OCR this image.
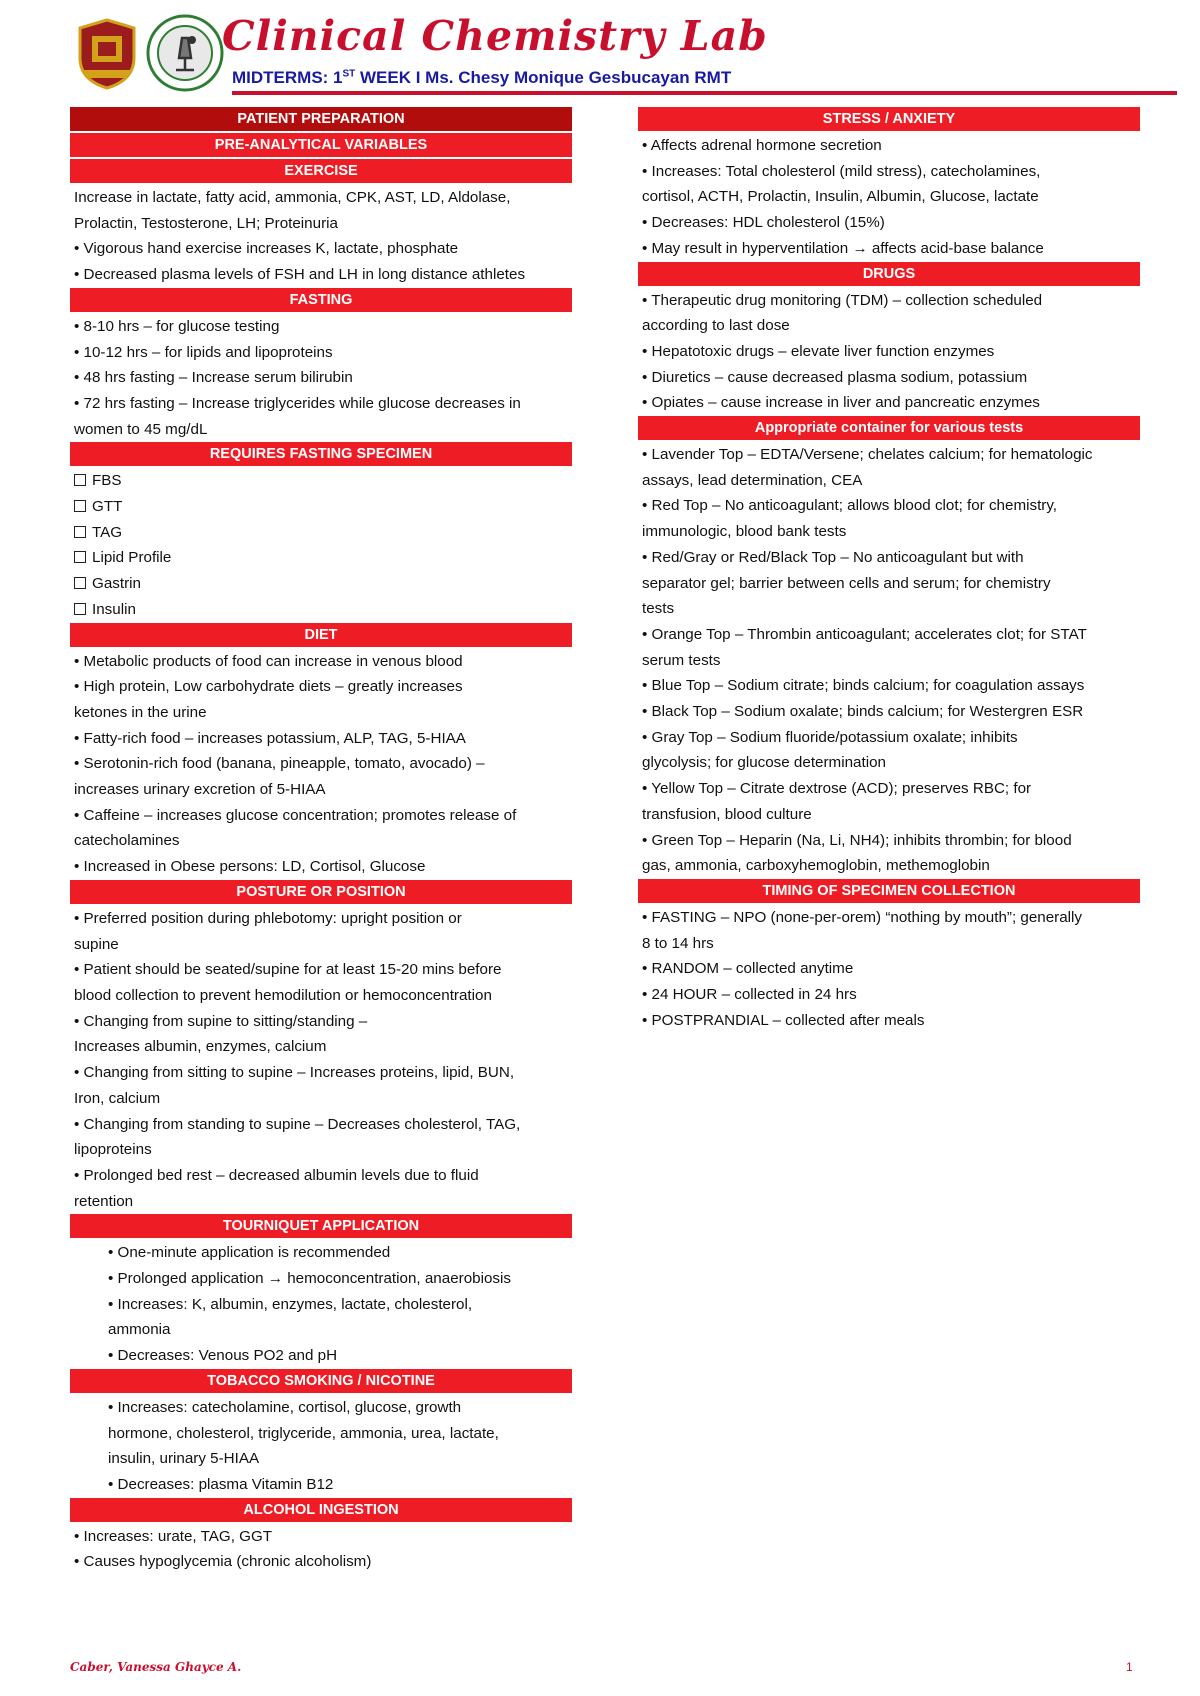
Clinical Chemistry Lab
MIDTERMS: 1ST WEEK I Ms. Chesy Monique Gesbucayan RMT
PATIENT PREPARATION
PRE-ANALYTICAL VARIABLES
EXERCISE
Increase in lactate, fatty acid, ammonia, CPK, AST, LD, Aldolase,
Prolactin, Testosterone, LH; Proteinuria
• Vigorous hand exercise increases K, lactate, phosphate
• Decreased plasma levels of FSH and LH in long distance athletes
FASTING
• 8-10 hrs – for glucose testing
• 10-12 hrs – for lipids and lipoproteins
• 48 hrs fasting – Increase serum bilirubin
• 72 hrs fasting – Increase triglycerides while glucose decreases in
women to 45 mg/dL
REQUIRES FASTING SPECIMEN
FBS
GTT
TAG
Lipid Profile
Gastrin
Insulin
DIET
• Metabolic products of food can increase in venous blood
• High protein, Low carbohydrate diets – greatly increases
ketones in the urine
• Fatty-rich food – increases potassium, ALP, TAG, 5-HIAA
• Serotonin-rich food (banana, pineapple, tomato, avocado) –
increases urinary excretion of 5-HIAA
• Caffeine – increases glucose concentration; promotes release of
catecholamines
• Increased in Obese persons: LD, Cortisol, Glucose
POSTURE OR POSITION
• Preferred position during phlebotomy: upright position or
supine
• Patient should be seated/supine for at least 15-20 mins before
blood collection to prevent hemodilution or hemoconcentration
• Changing from supine to sitting/standing –
Increases albumin, enzymes, calcium
• Changing from sitting to supine – Increases proteins, lipid, BUN,
Iron, calcium
• Changing from standing to supine – Decreases cholesterol, TAG,
lipoproteins
• Prolonged bed rest – decreased albumin levels due to fluid
retention
TOURNIQUET APPLICATION
• One-minute application is recommended
• Prolonged application → hemoconcentration, anaerobiosis
• Increases: K, albumin, enzymes, lactate, cholesterol,
ammonia
• Decreases: Venous PO2 and pH
TOBACCO SMOKING / NICOTINE
• Increases: catecholamine, cortisol, glucose, growth
hormone, cholesterol, triglyceride, ammonia, urea, lactate,
insulin, urinary 5-HIAA
• Decreases: plasma Vitamin B12
ALCOHOL INGESTION
• Increases: urate, TAG, GGT
• Causes hypoglycemia (chronic alcoholism)
STRESS / ANXIETY
• Affects adrenal hormone secretion
• Increases: Total cholesterol (mild stress), catecholamines,
cortisol, ACTH, Prolactin, Insulin, Albumin, Glucose, lactate
• Decreases: HDL cholesterol (15%)
• May result in hyperventilation → affects acid-base balance
DRUGS
• Therapeutic drug monitoring (TDM) – collection scheduled
according to last dose
• Hepatotoxic drugs – elevate liver function enzymes
• Diuretics – cause decreased plasma sodium, potassium
• Opiates – cause increase in liver and pancreatic enzymes
Appropriate container for various tests
• Lavender Top – EDTA/Versene; chelates calcium; for hematologic
assays, lead determination, CEA
• Red Top – No anticoagulant; allows blood clot; for chemistry,
immunologic, blood bank tests
• Red/Gray or Red/Black Top – No anticoagulant but with
separator gel; barrier between cells and serum; for chemistry
tests
• Orange Top – Thrombin anticoagulant; accelerates clot; for STAT
serum tests
• Blue Top – Sodium citrate; binds calcium; for coagulation assays
• Black Top – Sodium oxalate; binds calcium; for Westergren ESR
• Gray Top – Sodium fluoride/potassium oxalate; inhibits
glycolysis; for glucose determination
• Yellow Top – Citrate dextrose (ACD); preserves RBC; for
transfusion, blood culture
• Green Top – Heparin (Na, Li, NH4); inhibits thrombin; for blood
gas, ammonia, carboxyhemoglobin, methemoglobin
TIMING OF SPECIMEN COLLECTION
• FASTING – NPO (none-per-orem) “nothing by mouth”; generally
8 to 14 hrs
• RANDOM – collected anytime
• 24 HOUR – collected in 24 hrs
• POSTPRANDIAL – collected after meals
Caber, Vanessa Ghayce A.	1
